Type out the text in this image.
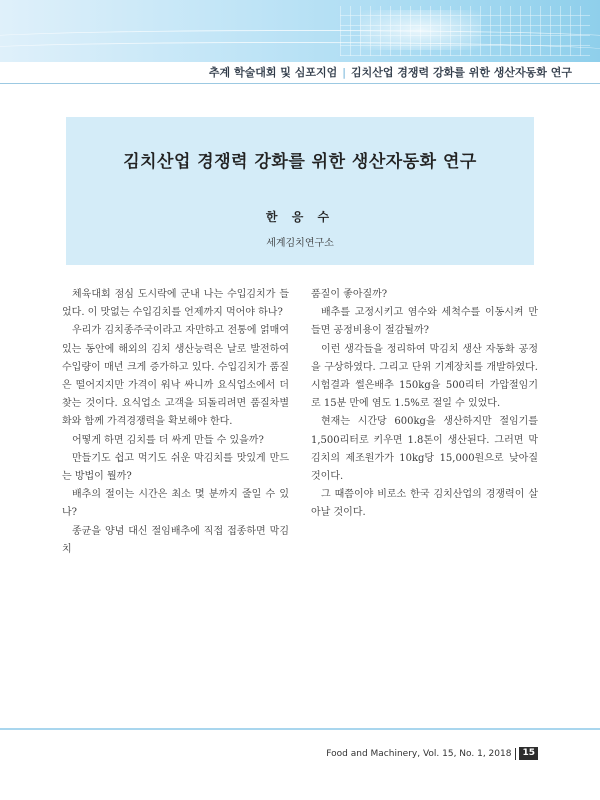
추계 학술대회 및 심포지엄 | 김치산업 경쟁력 강화를 위한 생산자동화 연구
김치산업 경쟁력 강화를 위한 생산자동화 연구
한 응 수
세계김치연구소

체육대회 점심 도시락에 군내 나는 수입김치가 들었다. 이 맛없는 수입김치를 언제까지 먹어야 하나?

우리가 김치종주국이라고 자만하고 전통에 얽매여 있는 동안에 해외의 김치 생산능력은 날로 발전하여 수입량이 매년 크게 증가하고 있다. 수입김치가 품질은 떨어지지만 가격이 워낙 싸니까 요식업소에서 더 찾는 것이다. 요식업소 고객을 되돌리려면 품질차별화와 함께 가격경쟁력을 확보해야 한다.

어떻게 하면 김치를 더 싸게 만들 수 있을까?

만들기도 쉽고 먹기도 쉬운 막김치를 맛있게 만드는 방법이 뭘까?

배추의 절이는 시간은 최소 몇 분까지 줄일 수 있나?

종균을 양념 대신 절임배추에 직접 접종하면 막김치

품질이 좋아질까?

배추를 고정시키고 염수와 세척수를 이동시켜 만들면 공정비용이 절감될까?

이런 생각들을 정리하여 막김치 생산 자동화 공정을 구상하였다. 그리고 단위 기계장치를 개발하였다. 시험결과 썰은배추 150kg을 500리터 가압절임기로 15분 만에 염도 1.5%로 절일 수 있었다.

현재는 시간당 600kg을 생산하지만 절임기를 1,500리터로 키우면 1.8톤이 생산된다. 그러면 막김치의 제조원가가 10kg당 15,000원으로 낮아질 것이다.

그 때쯤이야 비로소 한국 김치산업의 경쟁력이 살아날 것이다.

Food and Machinery, Vol. 15, No. 1, 2018 15
